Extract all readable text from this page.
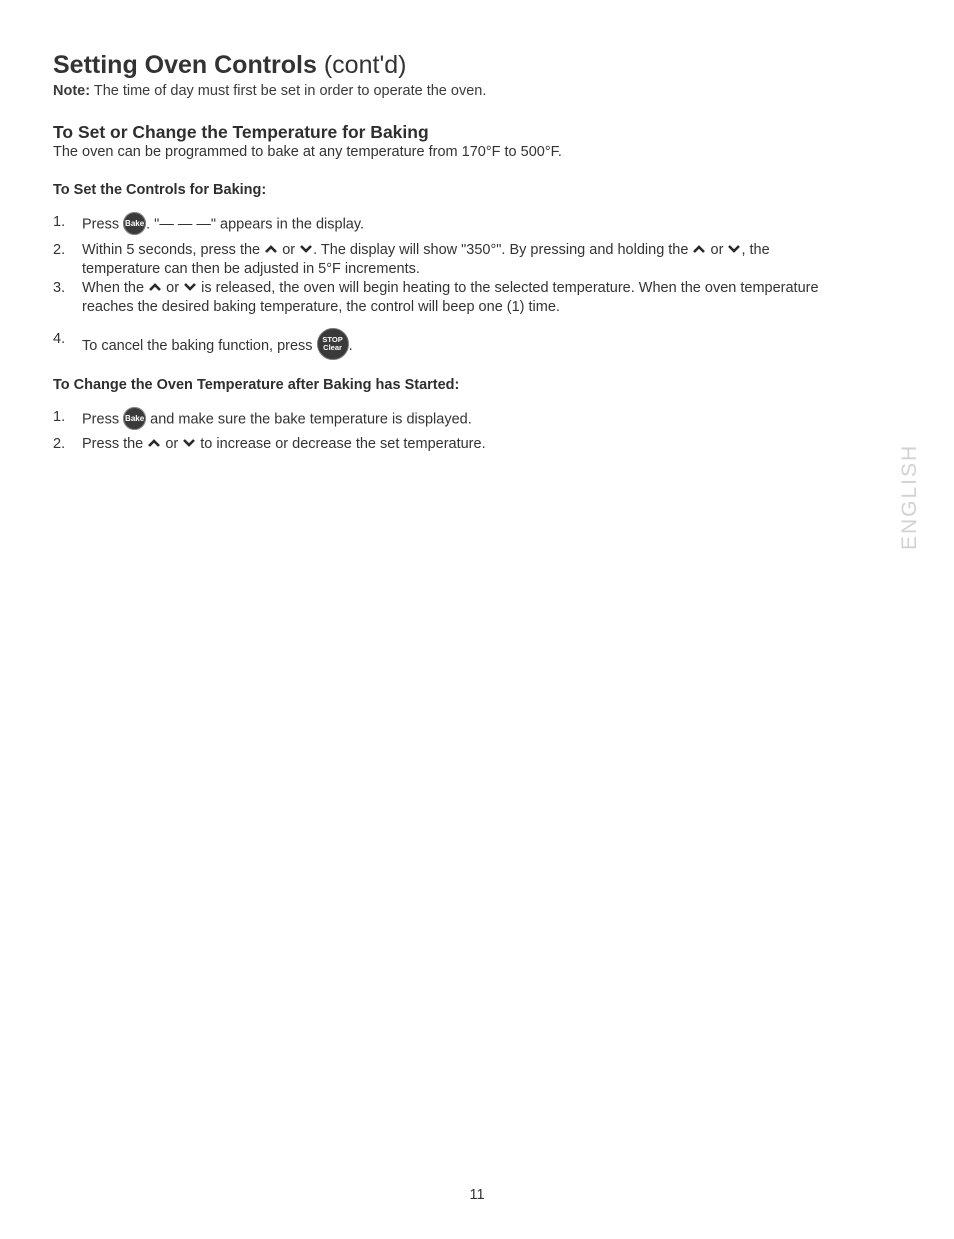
Setting Oven Controls (cont'd)

Note: The time of day must first be set in order to operate the oven.

To Set or Change the Temperature for Baking

The oven can be programmed to bake at any temperature from 170°F to 500°F.

To Set the Controls for Baking:
1. Press Bake . "— — —" appears in the display.
2. Within 5 seconds, press the or . The display will show "350°". By pressing and holding the or , the
temperature can then be adjusted in 5°F increments.
3. When the or is released, the oven will begin heating to the selected temperature. When the oven temperature
reaches the desired baking temperature, the control will beep one (1) time.
4. To cancel the baking function, press STOP
Clear .
To Change the Oven Temperature after Baking has Started:
1. Press Bake and make sure the bake temperature is displayed.
2. Press the or to increase or decrease the set temperature.	ENGLISH
11
